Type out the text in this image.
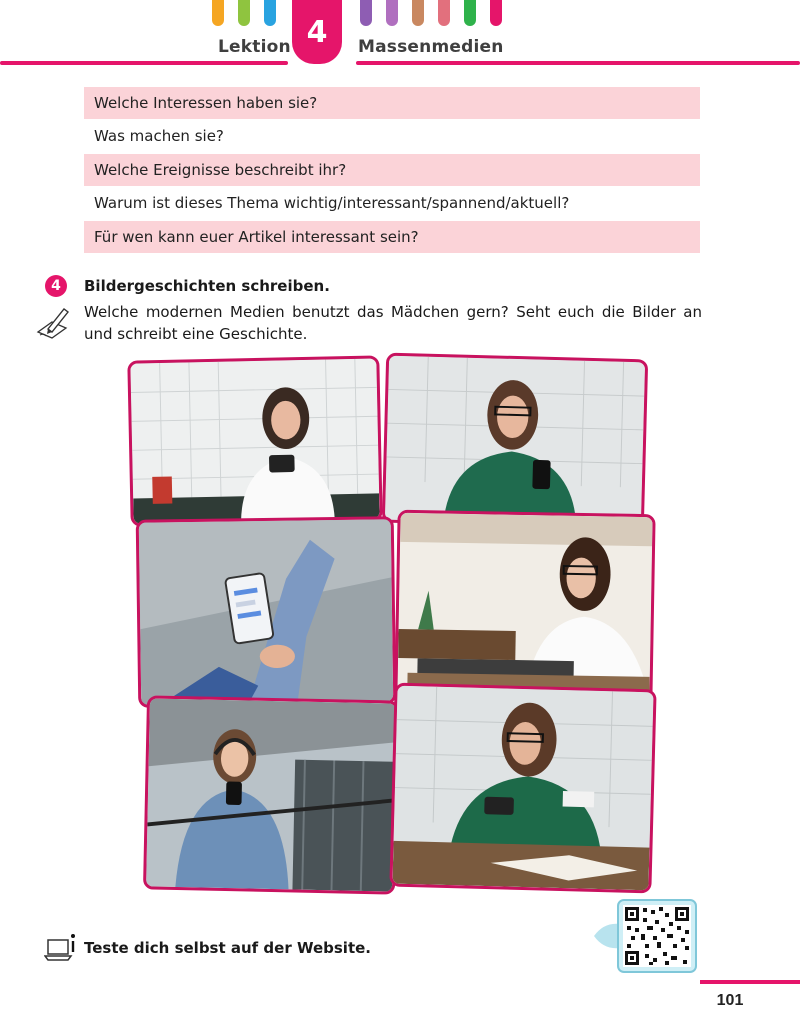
Lektion 4	Massenmedien
Welche Interessen haben sie?
Was machen sie?
Welche Ereignisse beschreibt ihr?
Warum ist dieses Thema wichtig/interessant/spannend/aktuell?
Für wen kann euer Artikel interessant sein?
4	Bildergeschichten schreiben.
Welche modernen Medien benutzt das Mädchen gern? Seht euch die Bilder an und schreibt eine Geschichte.
Teste dich selbst auf der Website.
101
